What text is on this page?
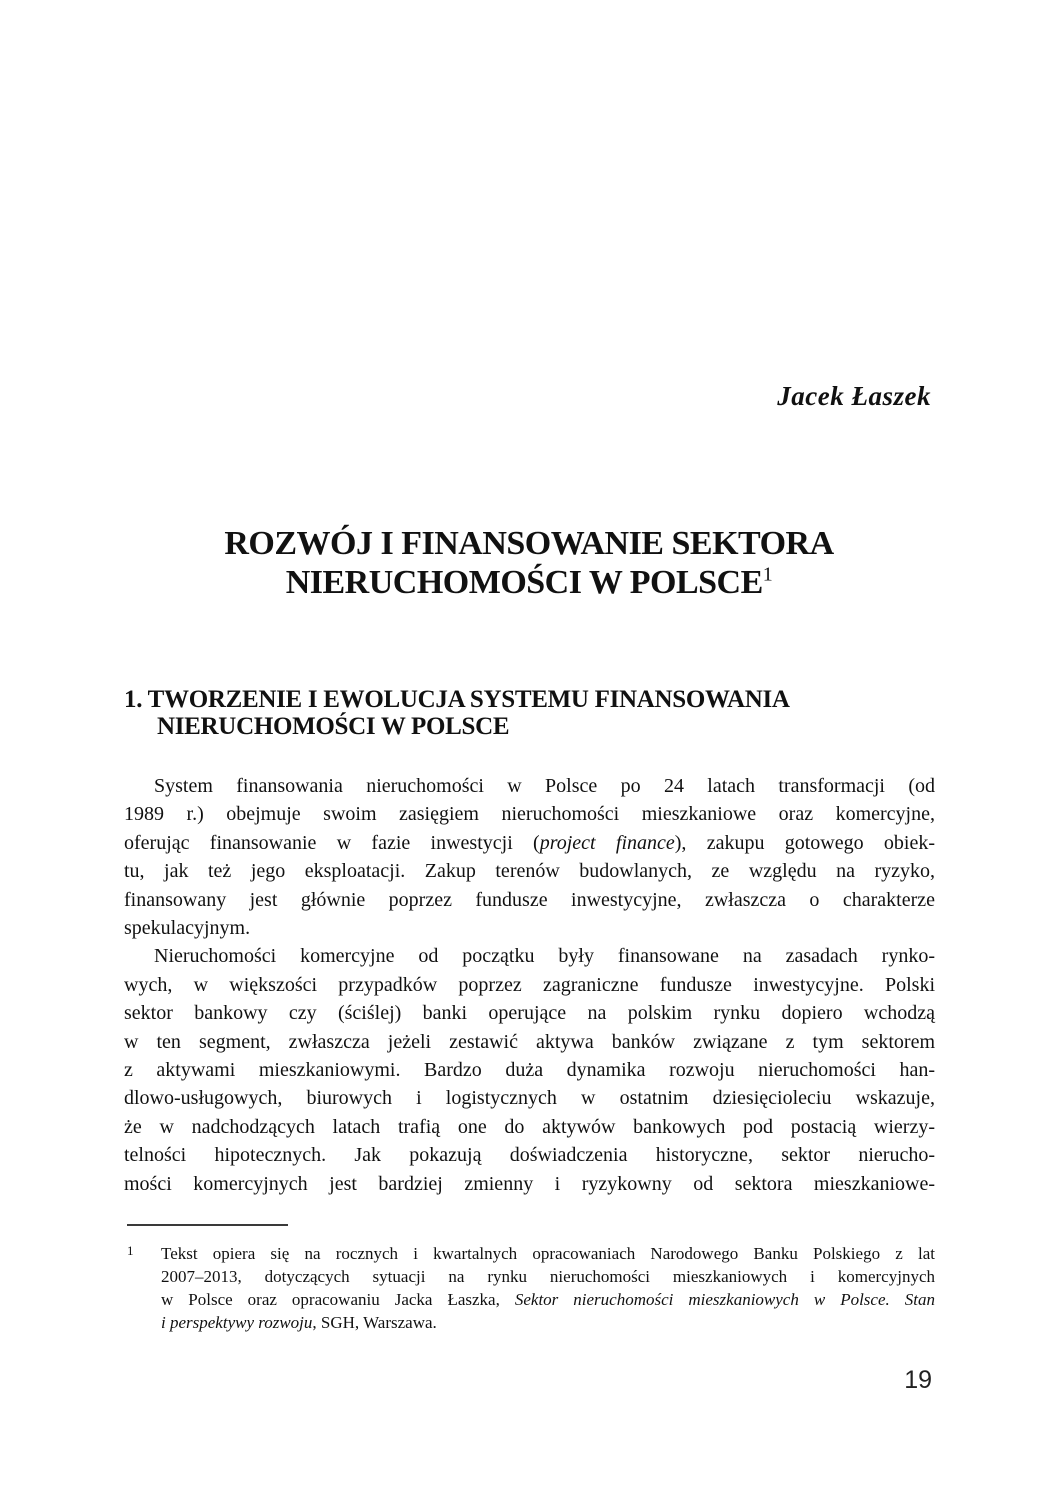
Jacek Łaszek
ROZWÓJ I FINANSOWANIE SEKTORA
NIERUCHOMOŚCI W POLSCE$^1$
1. TWORZENIE I EWOLUCJA SYSTEMU FINANSOWANIA
NIERUCHOMOŚCI W POLSCE
System finansowania nieruchomości w Polsce po 24 latach transformacji (od
1989 r.) obejmuje swoim zasięgiem nieruchomości mieszkaniowe oraz komercyjne,
oferując finansowanie w fazie inwestycji (project finance), zakupu gotowego obiek-
tu, jak też jego eksploatacji. Zakup terenów budowlanych, ze względu na ryzyko,
finansowany jest głównie poprzez fundusze inwestycyjne, zwłaszcza o charakterze
spekulacyjnym.
Nieruchomości komercyjne od początku były finansowane na zasadach rynko-
wych, w większości przypadków poprzez zagraniczne fundusze inwestycyjne. Polski
sektor bankowy czy (ściślej) banki operujące na polskim rynku dopiero wchodzą
w ten segment, zwłaszcza jeżeli zestawić aktywa banków związane z tym sektorem
z aktywami mieszkaniowymi. Bardzo duża dynamika rozwoju nieruchomości han-
dlowo-usługowych, biurowych i logistycznych w ostatnim dziesięcioleciu wskazuje,
że w nadchodzących latach trafią one do aktywów bankowych pod postacią wierzy-
telności hipotecznych. Jak pokazują doświadczenia historyczne, sektor nierucho-
mości komercyjnych jest bardziej zmienny i ryzykowny od sektora mieszkaniowe-
1 Tekst opiera się na rocznych i kwartalnych opracowaniach Narodowego Banku Polskiego z lat
2007–2013, dotyczących sytuacji na rynku nieruchomości mieszkaniowych i komercyjnych
w Polsce oraz opracowaniu Jacka Łaszka, Sektor nieruchomości mieszkaniowych w Polsce. Stan
i perspektywy rozwoju, SGH, Warszawa.
19
